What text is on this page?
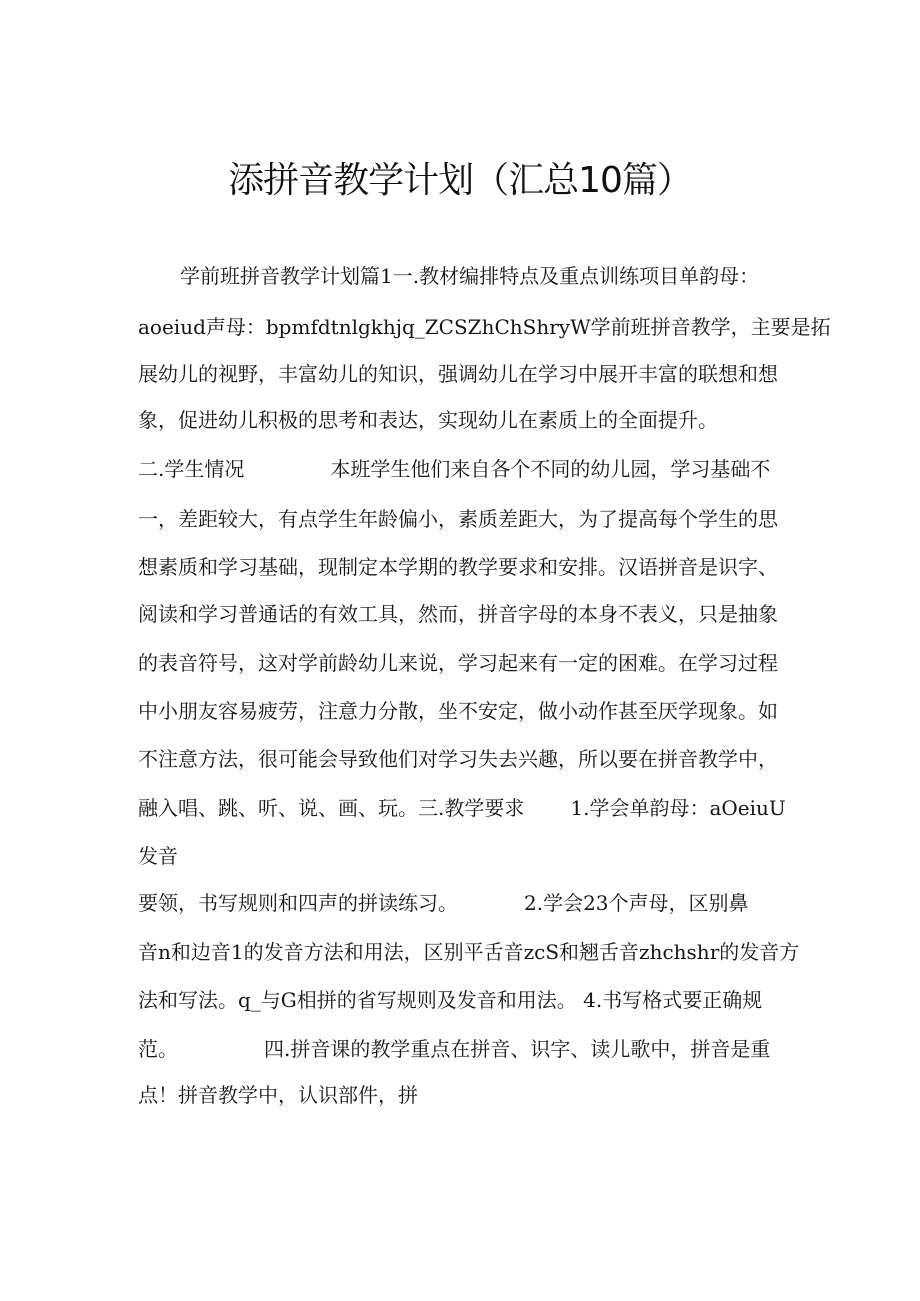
添拼音教学计划（汇总10篇）
学前班拼音教学计划篇1一.教材编排特点及重点训练项目单韵母：
aoeiud声母：bpmfdtnlgkhjq_ZCSZhChShryW学前班拼音教学，主要是拓
展幼儿的视野，丰富幼儿的知识，强调幼儿在学习中展开丰富的联想和想
象，促进幼儿积极的思考和表达，实现幼儿在素质上的全面提升。
二.学生情况	本班学生他们来自各个不同的幼儿园，学习基础不
一，差距较大，有点学生年龄偏小，素质差距大，为了提高每个学生的思
想素质和学习基础，现制定本学期的教学要求和安排。汉语拼音是识字、
阅读和学习普通话的有效工具，然而，拼音字母的本身不表义，只是抽象
的表音符号，这对学前龄幼儿来说，学习起来有一定的困难。在学习过程
中小朋友容易疲劳，注意力分散，坐不安定，做小动作甚至厌学现象。如
不注意方法，很可能会导致他们对学习失去兴趣，所以要在拼音教学中，
融入唱、跳、听、说、画、玩。三.教学要求 1.学会单韵母：aOeiuU
发音
要领，书写规则和四声的拼读练习。	2.学会23个声母，区别鼻
音n和边音1的发音方法和用法，区别平舌音zcS和翘舌音zhchshr的发音方
法和写法。q_与G相拼的省写规则及发音和用法。 4.书写格式要正确规
范。	四.拼音课的教学重点在拼音、识字、读儿歌中，拼音是重
点！拼音教学中，认识部件，拼
